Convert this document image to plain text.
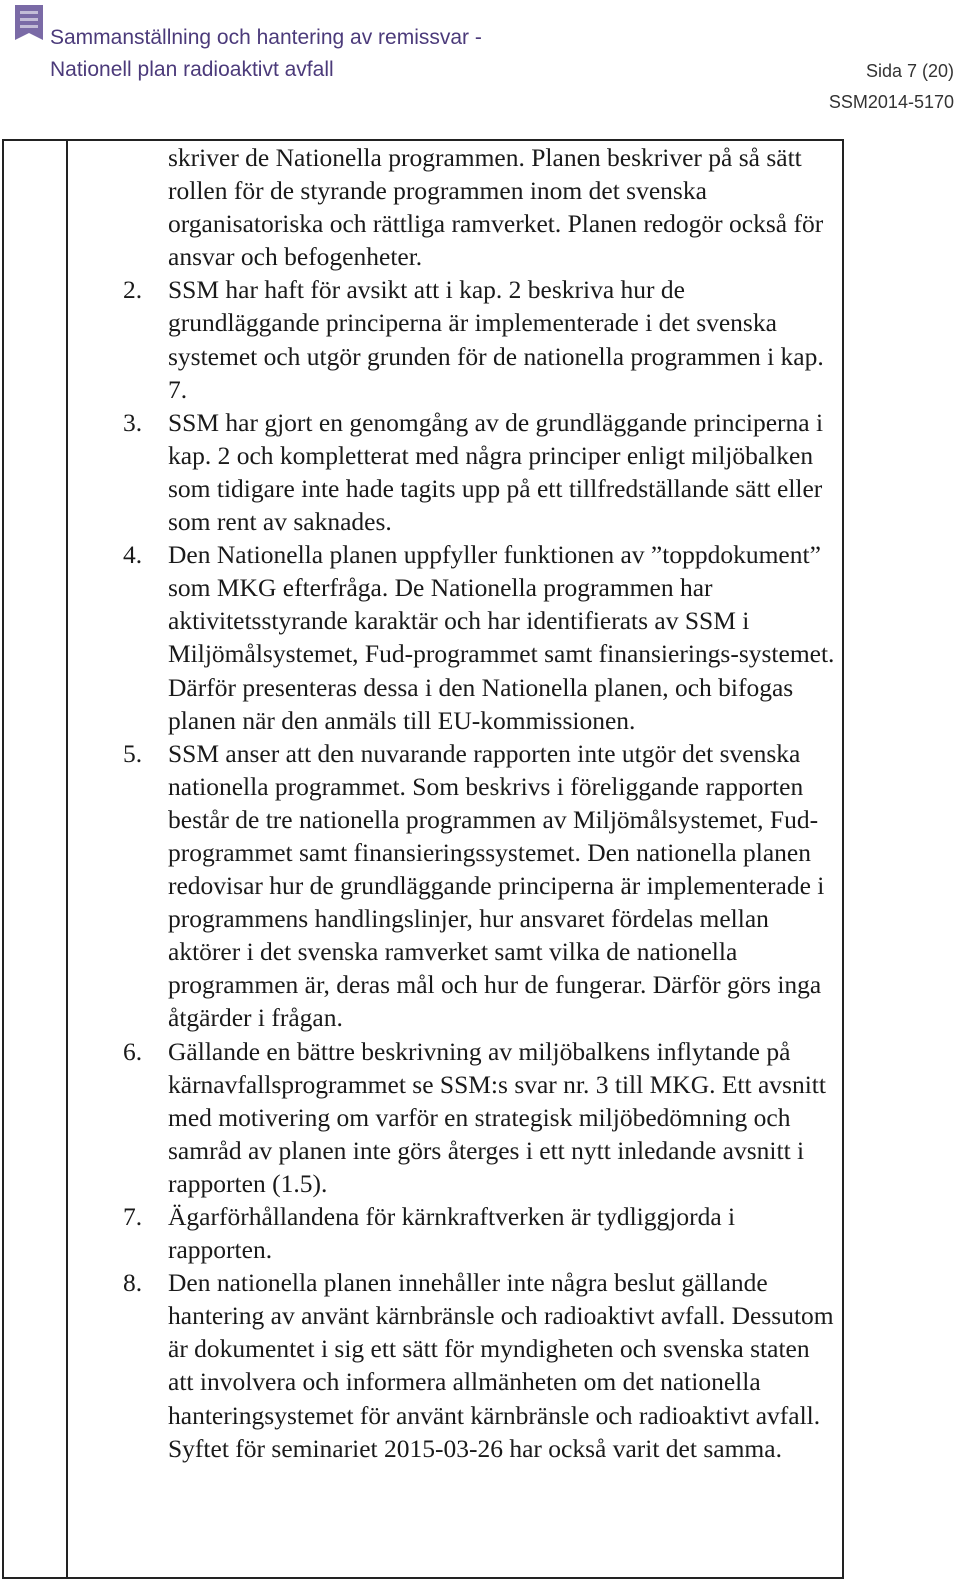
Sammanställning och hantering av remissvar -
Nationell plan radioaktivt avfall	Sida 7 (20)
SSM2014-5170

skriver de Nationella programmen. Planen beskriver på så sätt rollen för de styrande programmen inom det svenska organisatoriska och rättliga ramverket. Planen redogör också för ansvar och befogenheter.

2. SSM har haft för avsikt att i kap. 2 beskriva hur de grundläggande principerna är implementerade i det svenska systemet och utgör grunden för de nationella programmen i kap. 7.
3. SSM har gjort en genomgång av de grundläggande principerna i kap. 2 och kompletterat med några principer enligt miljöbalken som tidigare inte hade tagits upp på ett tillfredställande sätt eller som rent av saknades.
4. Den Nationella planen uppfyller funktionen av ”toppdokument” som MKG efterfråga. De Nationella programmen har aktivitetsstyrande karaktär och har identifierats av SSM i Miljömålsystemet, Fud-programmet samt finansierings-systemet. Därför presenteras dessa i den Nationella planen, och bifogas planen när den anmäls till EU-kommissionen.
5. SSM anser att den nuvarande rapporten inte utgör det svenska nationella programmet. Som beskrivs i föreliggande rapporten består de tre nationella programmen av Miljömålsystemet, Fud-programmet samt finansieringssystemet. Den nationella planen redovisar hur de grundläggande principerna är implementerade i programmens handlingslinjer, hur ansvaret fördelas mellan aktörer i det svenska ramverket samt vilka de nationella programmen är, deras mål och hur de fungerar. Därför görs inga åtgärder i frågan.
6. Gällande en bättre beskrivning av miljöbalkens inflytande på kärnavfallsprogrammet se SSM:s svar nr. 3 till MKG. Ett avsnitt med motivering om varför en strategisk miljöbedömning och samråd av planen inte görs återges i ett nytt inledande avsnitt i rapporten (1.5).
7. Ägarförhållandena för kärnkraftverken är tydliggjorda i rapporten.
8. Den nationella planen innehåller inte några beslut gällande hantering av använt kärnbränsle och radioaktivt avfall. Dessutom är dokumentet i sig ett sätt för myndigheten och svenska staten att involvera och informera allmänheten om det nationella hanteringsystemet för använt kärnbränsle och radioaktivt avfall. Syftet för seminariet 2015-03-26 har också varit det samma.
